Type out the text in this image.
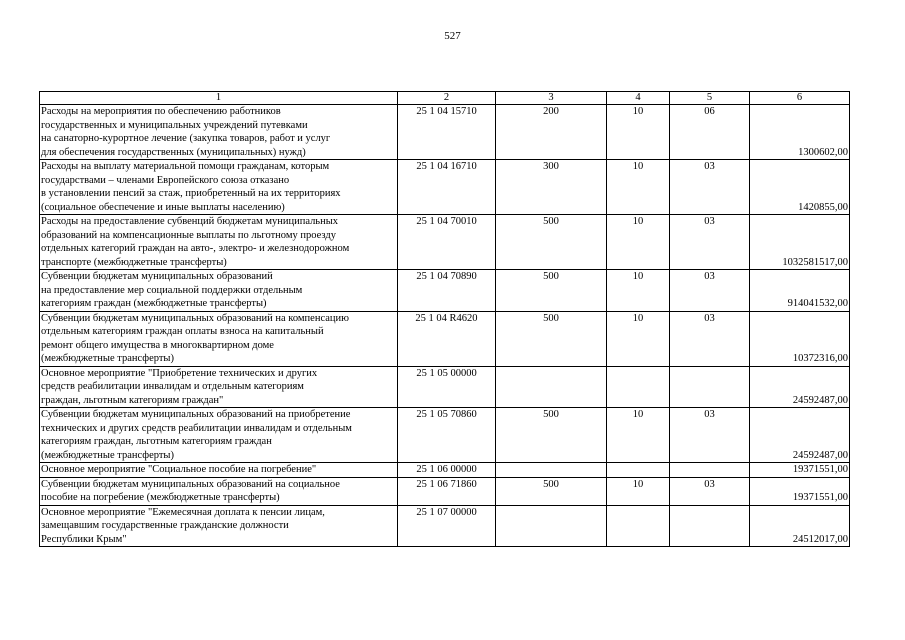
527
1	2	3	4	5	6
Расходы на мероприятия по обеспечению работников
государственных и муниципальных учреждений путевками
на санаторно-курортное лечение (закупка товаров, работ и услуг
для обеспечения государственных (муниципальных) нужд)	25 1 04 15710	200	10	06	1300602,00
Расходы на выплату материальной помощи гражданам, которым
государствами – членами Европейского союза отказано
в установлении пенсий за стаж, приобретенный на их территориях
(социальное обеспечение и иные выплаты населению)	25 1 04 16710	300	10	03	1420855,00
Расходы на предоставление субвенций бюджетам муниципальных
образований на компенсационные выплаты по льготному проезду
отдельных категорий граждан на авто-, электро- и железнодорожном
транспорте (межбюджетные трансферты)	25 1 04 70010	500	10	03	1032581517,00
Субвенции бюджетам муниципальных образований
на предоставление мер социальной поддержки отдельным
категориям граждан (межбюджетные трансферты)	25 1 04 70890	500	10	03	914041532,00
Субвенции бюджетам муниципальных образований на компенсацию
отдельным категориям граждан оплаты взноса на капитальный
ремонт общего имущества в многоквартирном доме
(межбюджетные трансферты)	25 1 04 R4620	500	10	03	10372316,00
Основное мероприятие "Приобретение технических и других
средств реабилитации инвалидам и отдельным категориям
граждан, льготным категориям граждан"	25 1 05 00000				24592487,00
Субвенции бюджетам муниципальных образований на приобретение
технических и других средств реабилитации инвалидам и отдельным
категориям граждан, льготным категориям граждан
(межбюджетные трансферты)	25 1 05 70860	500	10	03	24592487,00
Основное мероприятие "Социальное пособие на погребение"	25 1 06 00000				19371551,00
Субвенции бюджетам муниципальных образований на социальное
пособие на погребение (межбюджетные трансферты)	25 1 06 71860	500	10	03	19371551,00
Основное мероприятие "Ежемесячная доплата к пенсии лицам,
замещавшим государственные гражданские должности
Республики Крым"	25 1 07 00000				24512017,00
